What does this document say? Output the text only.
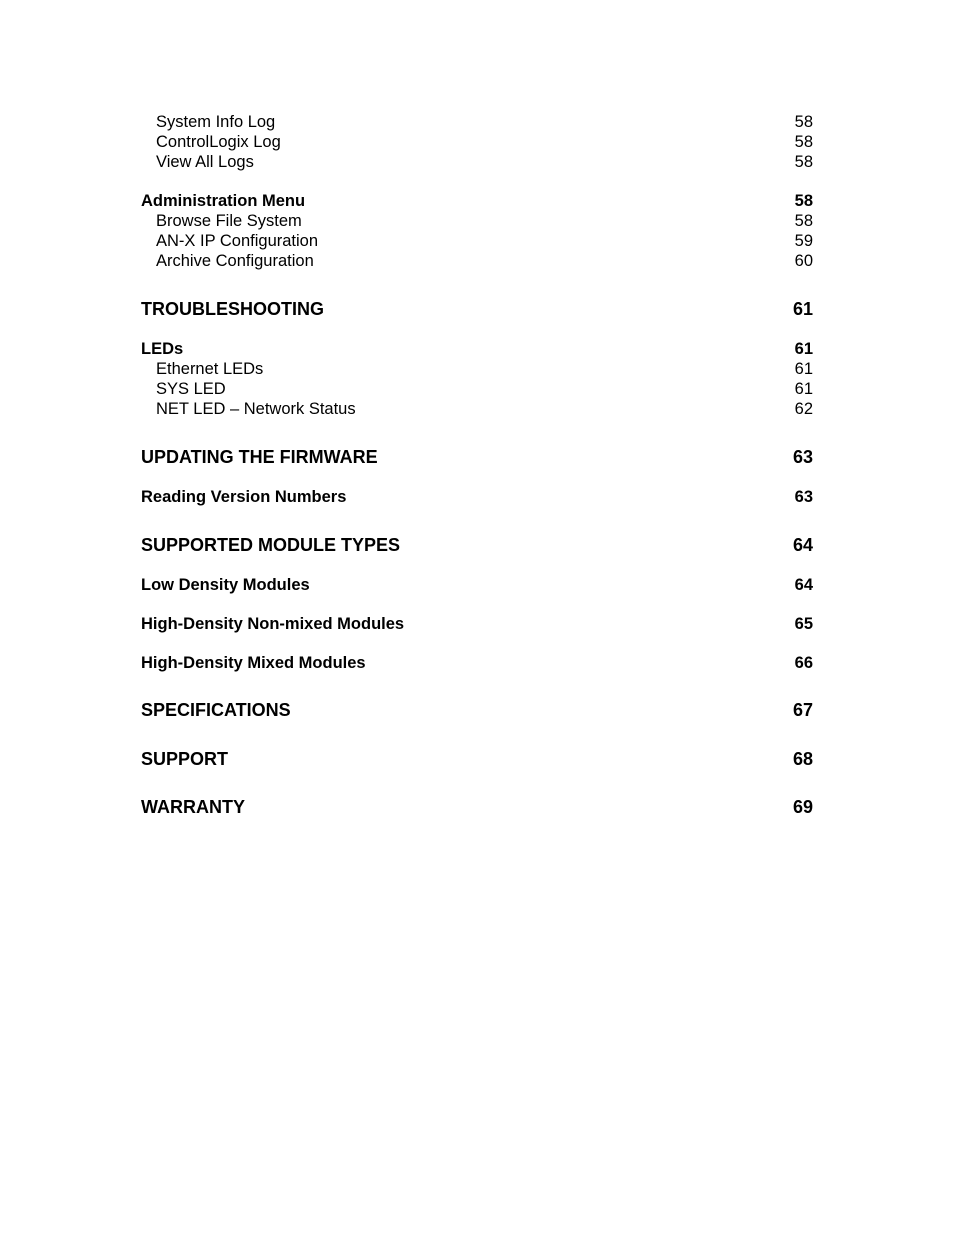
System Info Log	58
ControlLogix Log	58
View All Logs	58
Administration Menu	58
Browse File System	58
AN-X IP Configuration	59
Archive Configuration	60
TROUBLESHOOTING	61
LEDs	61
Ethernet LEDs	61
SYS LED	61
NET LED – Network Status	62
UPDATING THE FIRMWARE	63
Reading Version Numbers	63
SUPPORTED MODULE TYPES	64
Low Density Modules	64
High-Density Non-mixed Modules	65
High-Density Mixed Modules	66
SPECIFICATIONS	67
SUPPORT	68
WARRANTY	69
